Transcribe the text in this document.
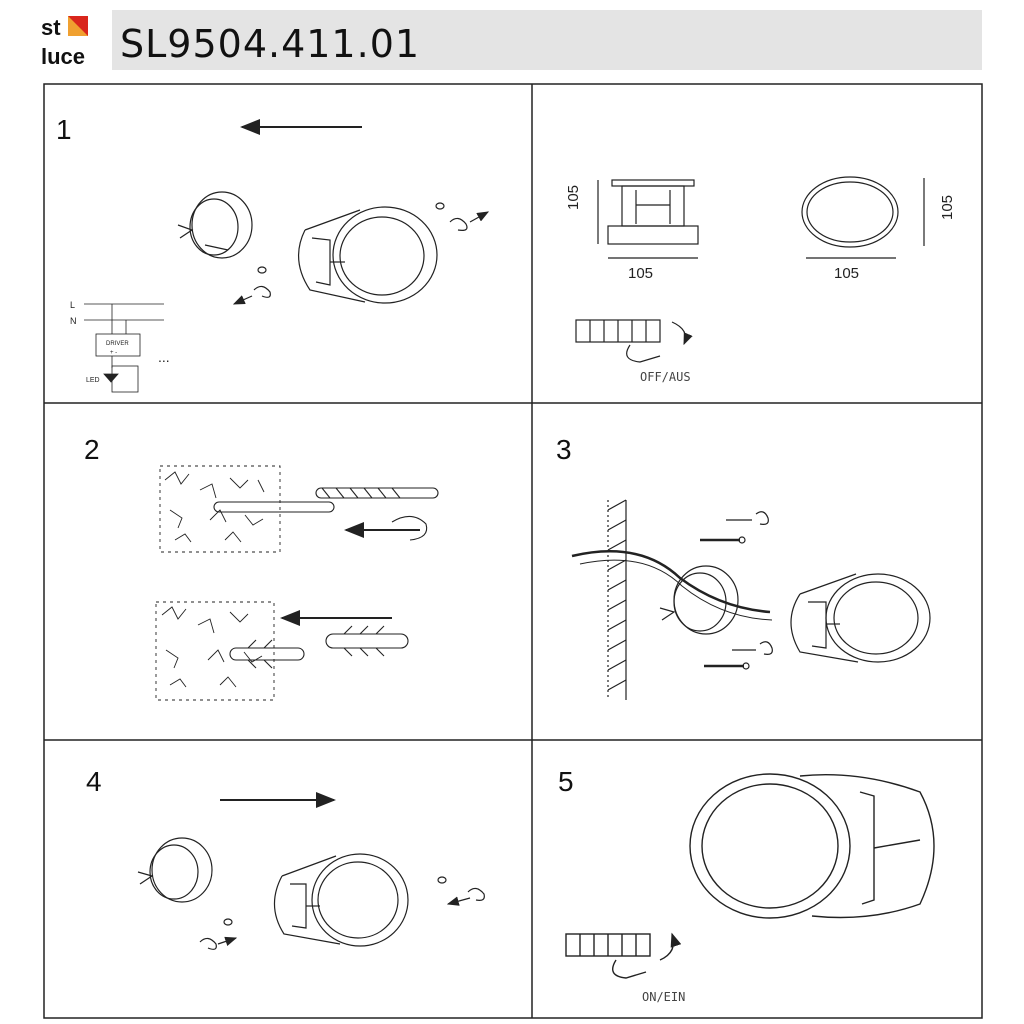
SL9504.411.01
st
luce
L
N
DRIVER
+ -
LED
...
105
105	105
105
1
2	3
4	5
OFF/AUS
ON/EIN
